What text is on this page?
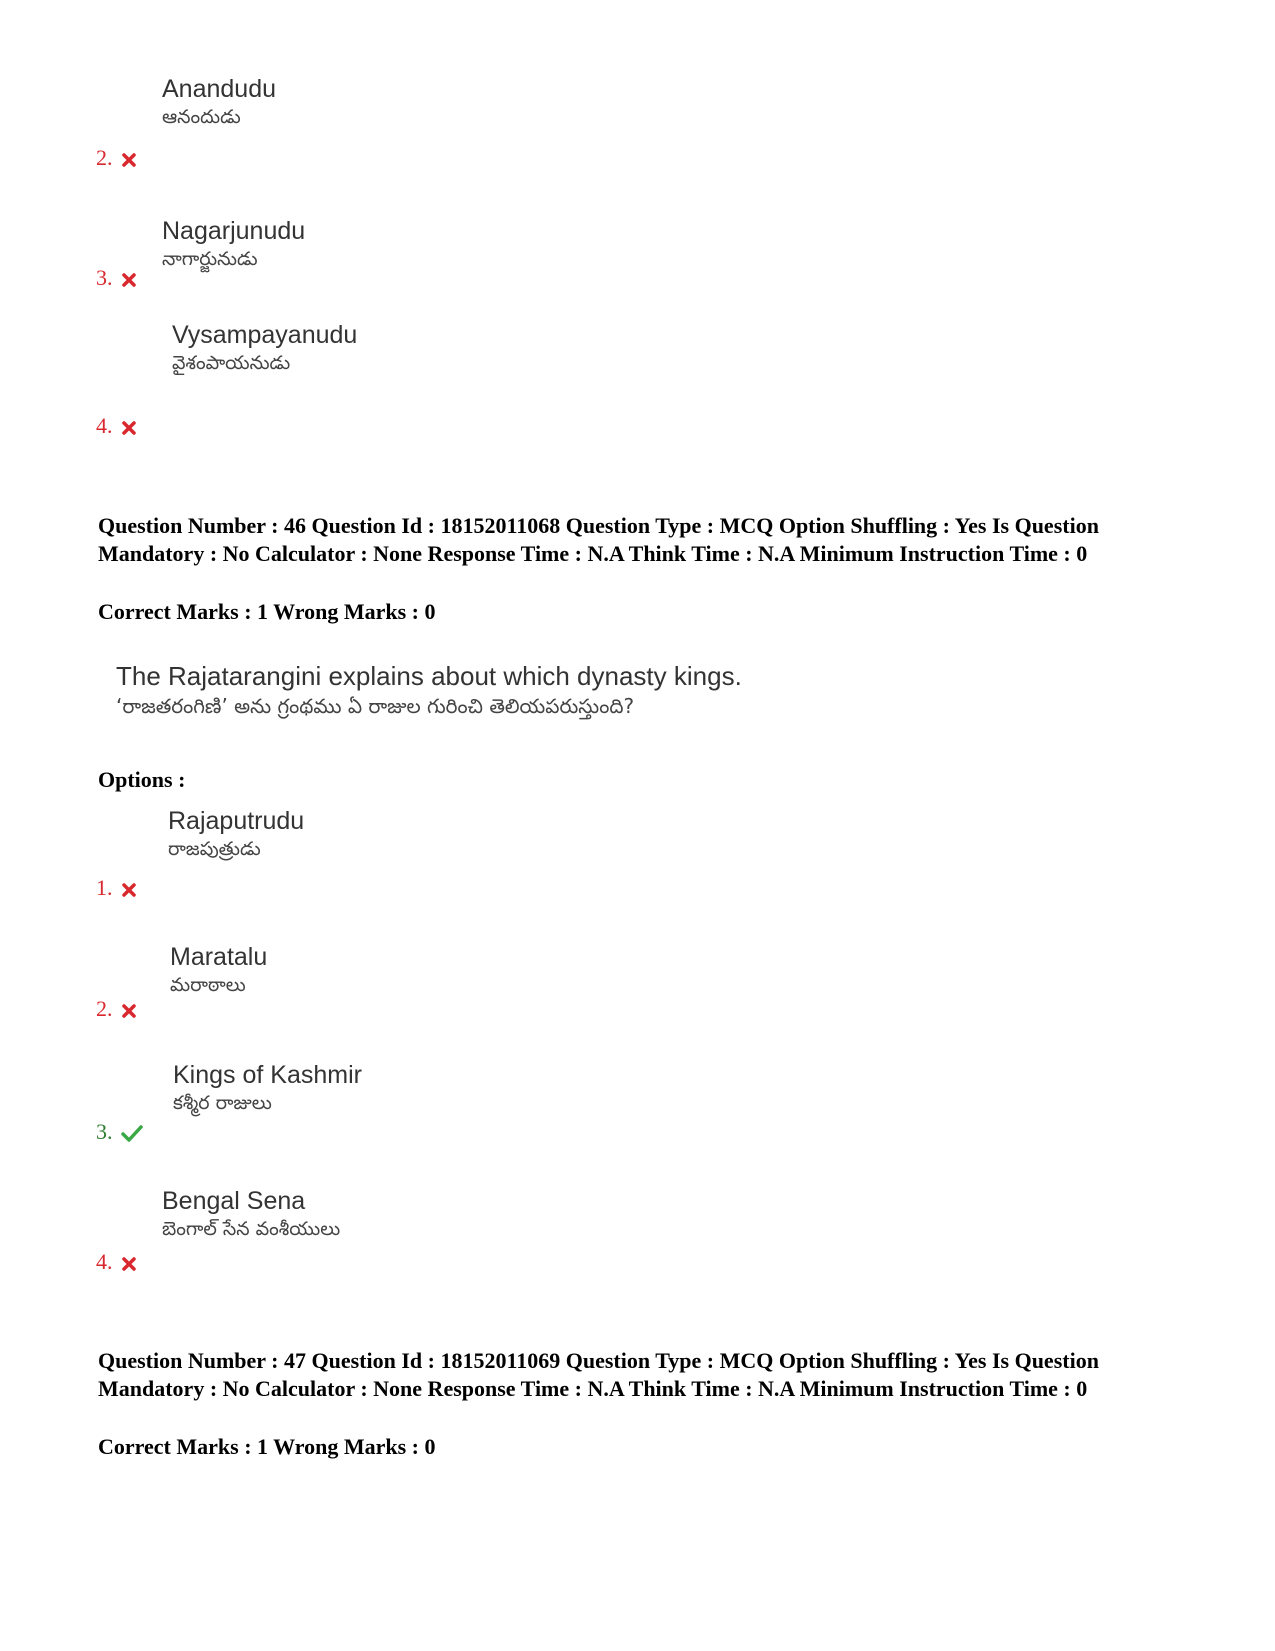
Anandudu
ఆనందుడు
2.
Nagarjunudu
నాగార్జునుడు
3.
Vysampayanudu
వైశంపాయనుడు
4.
Question Number : 46 Question Id : 18152011068 Question Type : MCQ Option Shuffling : Yes Is Question Mandatory : No Calculator : None Response Time : N.A Think Time : N.A Minimum Instruction Time : 0
Correct Marks : 1 Wrong Marks : 0
The Rajatarangini explains about which dynasty kings.
‘రాజతరంగిణి’ అను గ్రంథము ఏ రాజుల గురించి తెలియపరుస్తుంది?
Options :
Rajaputrudu
రాజపుత్రుడు
1.
Maratalu
మరాఠాలు
2.
Kings of Kashmir
కశ్మీర రాజులు
3.
Bengal Sena
బెంగాల్ సేన వంశీయులు
4.
Question Number : 47 Question Id : 18152011069 Question Type : MCQ Option Shuffling : Yes Is Question Mandatory : No Calculator : None Response Time : N.A Think Time : N.A Minimum Instruction Time : 0
Correct Marks : 1 Wrong Marks : 0
